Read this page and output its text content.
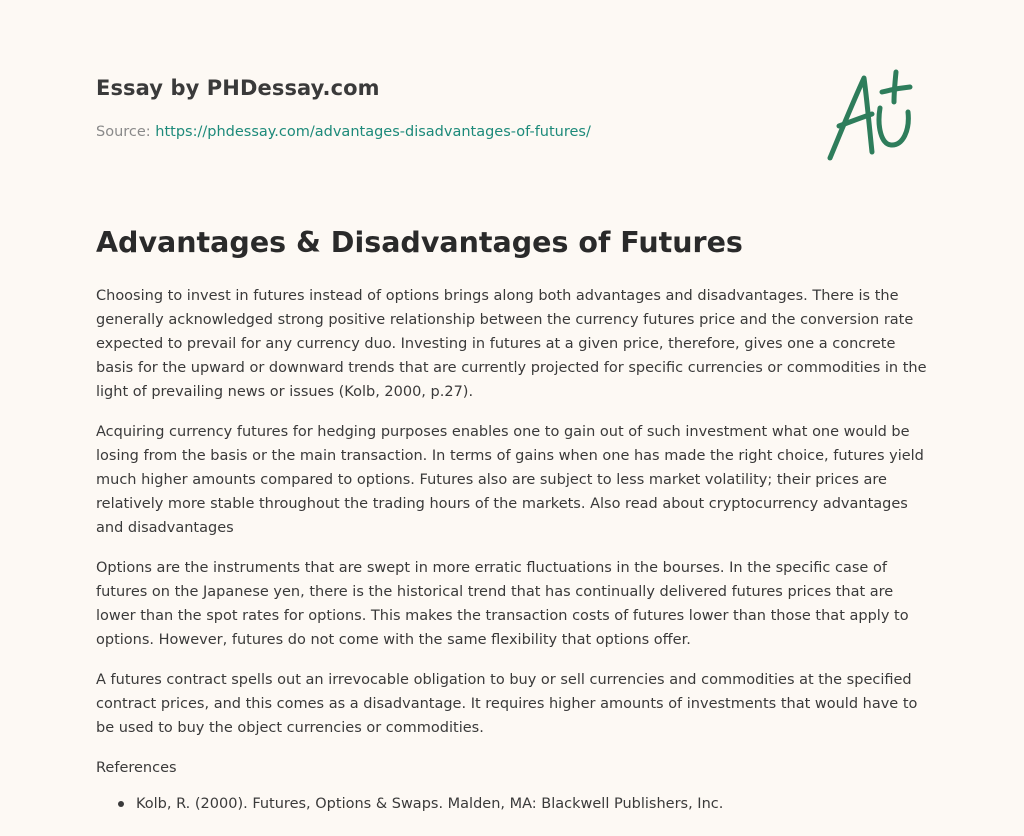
Essay by PHDessay.com
Source: https://phdessay.com/advantages-disadvantages-of-futures/
Advantages & Disadvantages of Futures

Choosing to invest in futures instead of options brings along both advantages and disadvantages. There is the generally acknowledged strong positive relationship between the currency futures price and the conversion rate expected to prevail for any currency duo. Investing in futures at a given price, therefore, gives one a concrete basis for the upward or downward trends that are currently projected for specific currencies or commodities in the light of prevailing news or issues (Kolb, 2000, p.27).

Acquiring currency futures for hedging purposes enables one to gain out of such investment what one would be losing from the basis or the main transaction. In terms of gains when one has made the right choice, futures yield much higher amounts compared to options. Futures also are subject to less market volatility; their prices are relatively more stable throughout the trading hours of the markets. Also read about cryptocurrency advantages and disadvantages

Options are the instruments that are swept in more erratic fluctuations in the bourses. In the specific case of futures on the Japanese yen, there is the historical trend that has continually delivered futures prices that are lower than the spot rates for options. This makes the transaction costs of futures lower than those that apply to options. However, futures do not come with the same flexibility that options offer.

A futures contract spells out an irrevocable obligation to buy or sell currencies and commodities at the specified contract prices, and this comes as a disadvantage. It requires higher amounts of investments that would have to be used to buy the object currencies or commodities.

References

Kolb, R. (2000). Futures, Options & Swaps. Malden, MA: Blackwell Publishers, Inc.
